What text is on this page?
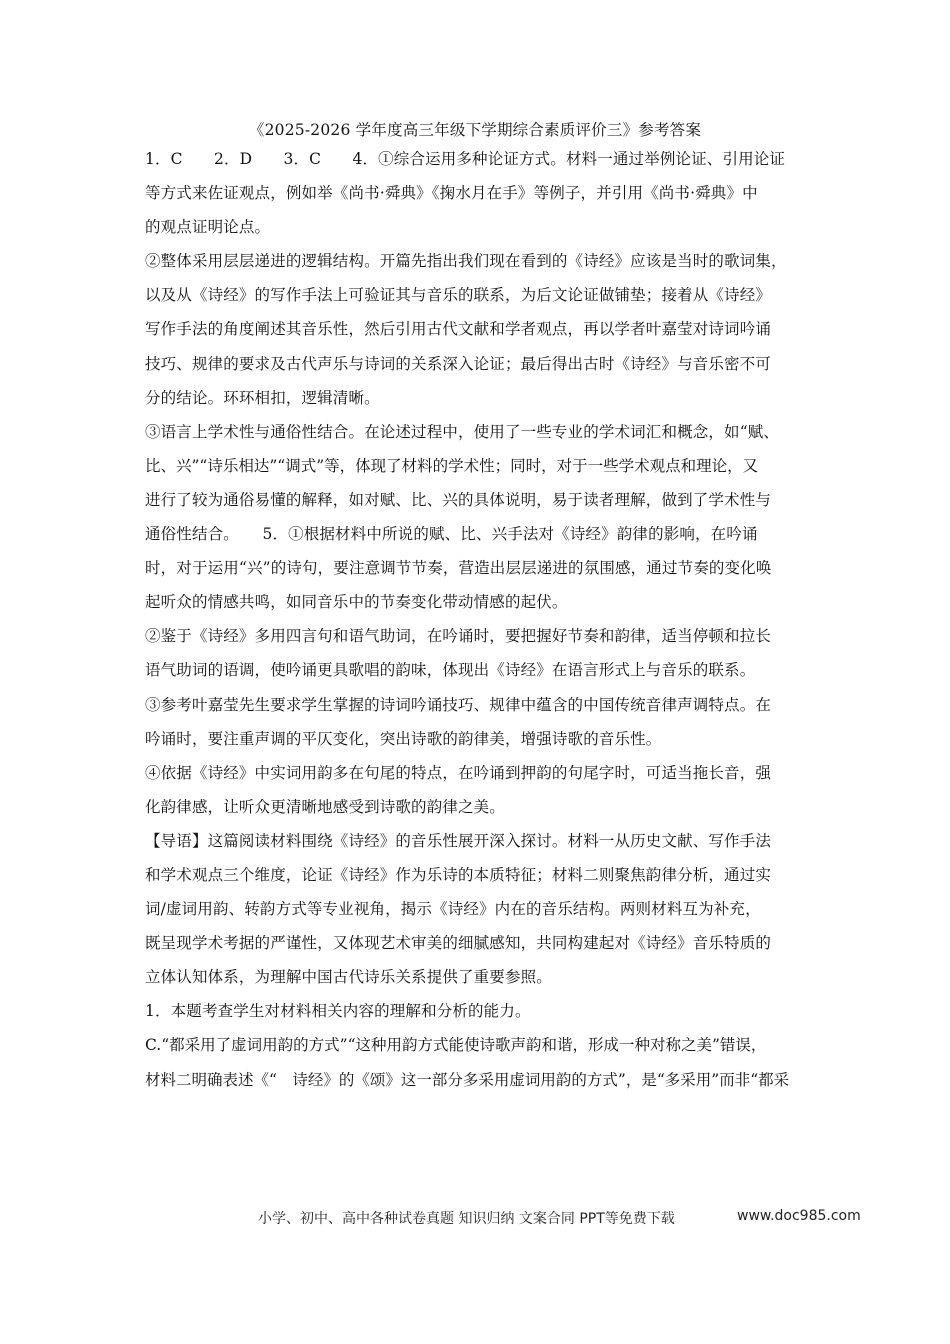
《2025-2026 学年度高三年级下学期综合素质评价三》参考答案
1．C　　2．D　　3．C　　4．①综合运用多种论证方式。材料一通过举例论证、引用论证
等方式来佐证观点，例如举《尚书·舜典》《掬水月在手》等例子，并引用《尚书·舜典》中
的观点证明论点。
②整体采用层层递进的逻辑结构。开篇先指出我们现在看到的《诗经》应该是当时的歌词集，
以及从《诗经》的写作手法上可验证其与音乐的联系，为后文论证做铺垫；接着从《诗经》
写作手法的角度阐述其音乐性，然后引用古代文献和学者观点，再以学者叶嘉莹对诗词吟诵
技巧、规律的要求及古代声乐与诗词的关系深入论证；最后得出古时《诗经》与音乐密不可
分的结论。环环相扣，逻辑清晰。
③语言上学术性与通俗性结合。在论述过程中，使用了一些专业的学术词汇和概念，如“赋、
比、兴”“诗乐相达”“调式”等，体现了材料的学术性；同时，对于一些学术观点和理论，又
进行了较为通俗易懂的解释，如对赋、比、兴的具体说明，易于读者理解，做到了学术性与
通俗性结合。　　5．①根据材料中所说的赋、比、兴手法对《诗经》韵律的影响，在吟诵
时，对于运用“兴”的诗句，要注意调节节奏，营造出层层递进的氛围感，通过节奏的变化唤
起听众的情感共鸣，如同音乐中的节奏变化带动情感的起伏。
②鉴于《诗经》多用四言句和语气助词，在吟诵时，要把握好节奏和韵律，适当停顿和拉长
语气助词的语调，使吟诵更具歌唱的韵味，体现出《诗经》在语言形式上与音乐的联系。
③参考叶嘉莹先生要求学生掌握的诗词吟诵技巧、规律中蕴含的中国传统音律声调特点。在
吟诵时，要注重声调的平仄变化，突出诗歌的韵律美，增强诗歌的音乐性。
④依据《诗经》中实词用韵多在句尾的特点，在吟诵到押韵的句尾字时，可适当拖长音，强
化韵律感，让听众更清晰地感受到诗歌的韵律之美。
【导语】这篇阅读材料围绕《诗经》的音乐性展开深入探讨。材料一从历史文献、写作手法
和学术观点三个维度，论证《诗经》作为乐诗的本质特征；材料二则聚焦韵律分析，通过实
词/虚词用韵、转韵方式等专业视角，揭示《诗经》内在的音乐结构。两则材料互为补充，
既呈现学术考据的严谨性，又体现艺术审美的细腻感知，共同构建起对《诗经》音乐特质的
立体认知体系，为理解中国古代诗乐关系提供了重要参照。
1．本题考查学生对材料相关内容的理解和分析的能力。
C.“都采用了虚词用韵的方式”“这种用韵方式能使诗歌声韵和谐，形成一种对称之美”错误，
材料二明确表述《“　诗经》的《颂》这一部分多采用虚词用韵的方式”，是“多采用”而非“都采
小学、初中、高中各种试卷真题 知识归纳 文案合同 PPT等免费下载	www.doc985.com
